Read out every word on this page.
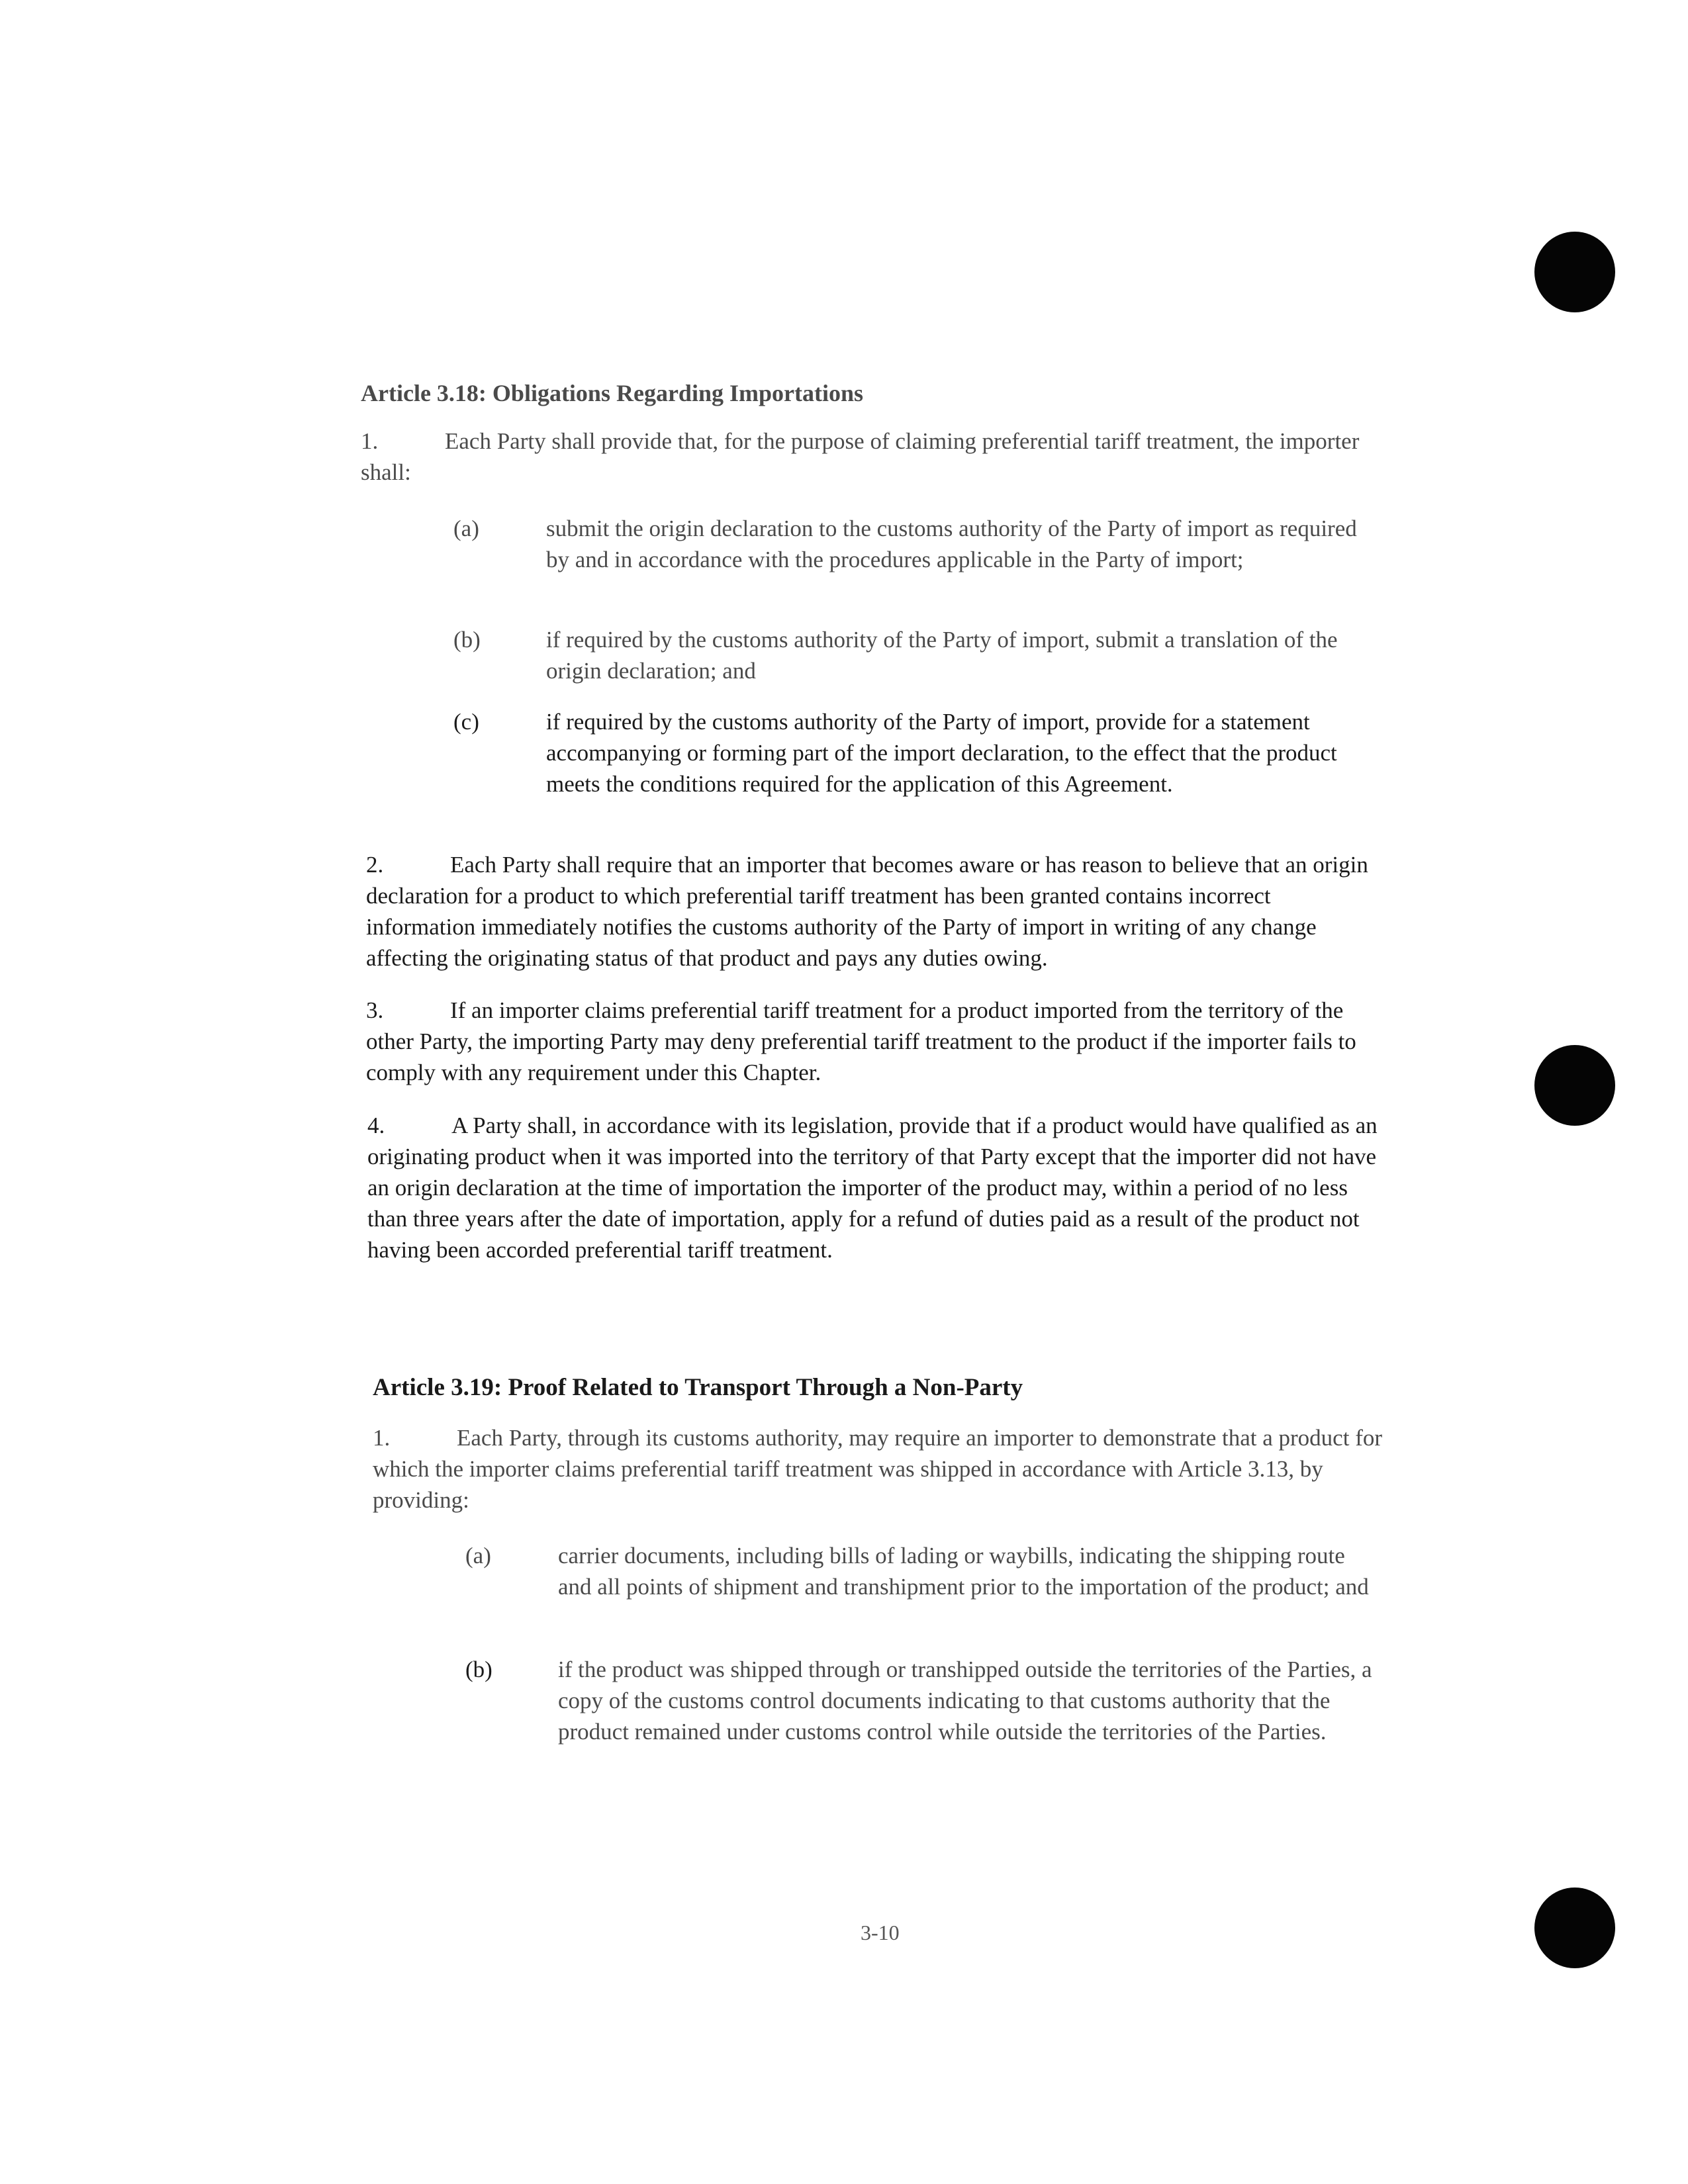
Article 3.18: Obligations Regarding Importations
1.	Each Party shall provide that, for the purpose of claiming preferential tariff treatment, the importer shall:
(a)	submit the origin declaration to the customs authority of the Party of import as required by and in accordance with the procedures applicable in the Party of import;
(b)	if required by the customs authority of the Party of import, submit a translation of the origin declaration; and
(c)	if required by the customs authority of the Party of import, provide for a statement accompanying or forming part of the import declaration, to the effect that the product meets the conditions required for the application of this Agreement.
2.	Each Party shall require that an importer that becomes aware or has reason to believe that an origin declaration for a product to which preferential tariff treatment has been granted contains incorrect information immediately notifies the customs authority of the Party of import in writing of any change affecting the originating status of that product and pays any duties owing.
3.	If an importer claims preferential tariff treatment for a product imported from the territory of the other Party, the importing Party may deny preferential tariff treatment to the product if the importer fails to comply with any requirement under this Chapter.
4.	A Party shall, in accordance with its legislation, provide that if a product would have qualified as an originating product when it was imported into the territory of that Party except that the importer did not have an origin declaration at the time of importation the importer of the product may, within a period of no less than three years after the date of importation, apply for a refund of duties paid as a result of the product not having been accorded preferential tariff treatment.
Article 3.19: Proof Related to Transport Through a Non-Party
1.	Each Party, through its customs authority, may require an importer to demonstrate that a product for which the importer claims preferential tariff treatment was shipped in accordance with Article 3.13, by providing:
(a)	carrier documents, including bills of lading or waybills, indicating the shipping route and all points of shipment and transhipment prior to the importation of the product; and
(b)	if the product was shipped through or transhipped outside the territories of the Parties, a copy of the customs control documents indicating to that customs authority that the product remained under customs control while outside the territories of the Parties.
3-10
